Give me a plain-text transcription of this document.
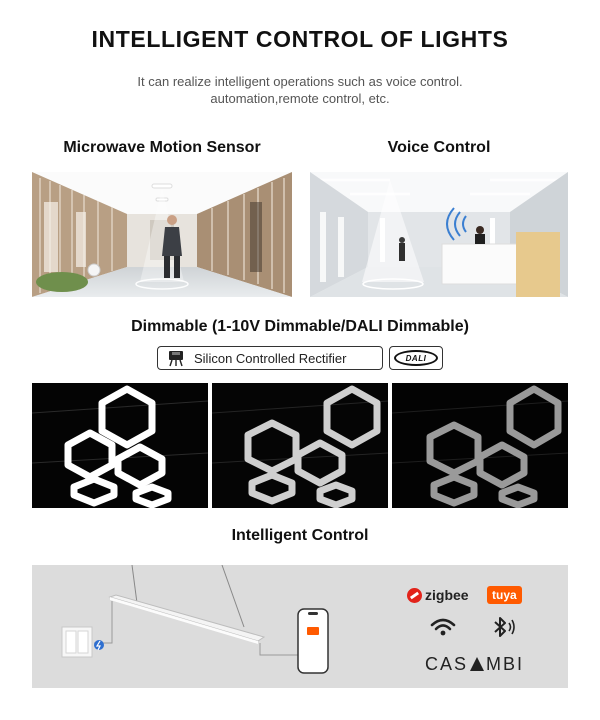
INTELLIGENT CONTROL OF LIGHTS
It can realize intelligent operations such as voice control.
automation,remote control, etc.
Microwave Motion Sensor	Voice Control
Dimmable (1-10V Dimmable/DALI Dimmable)
Silicon Controlled Rectifier	DALI
Intelligent Control
zigbee	tuya
CAS MBI
